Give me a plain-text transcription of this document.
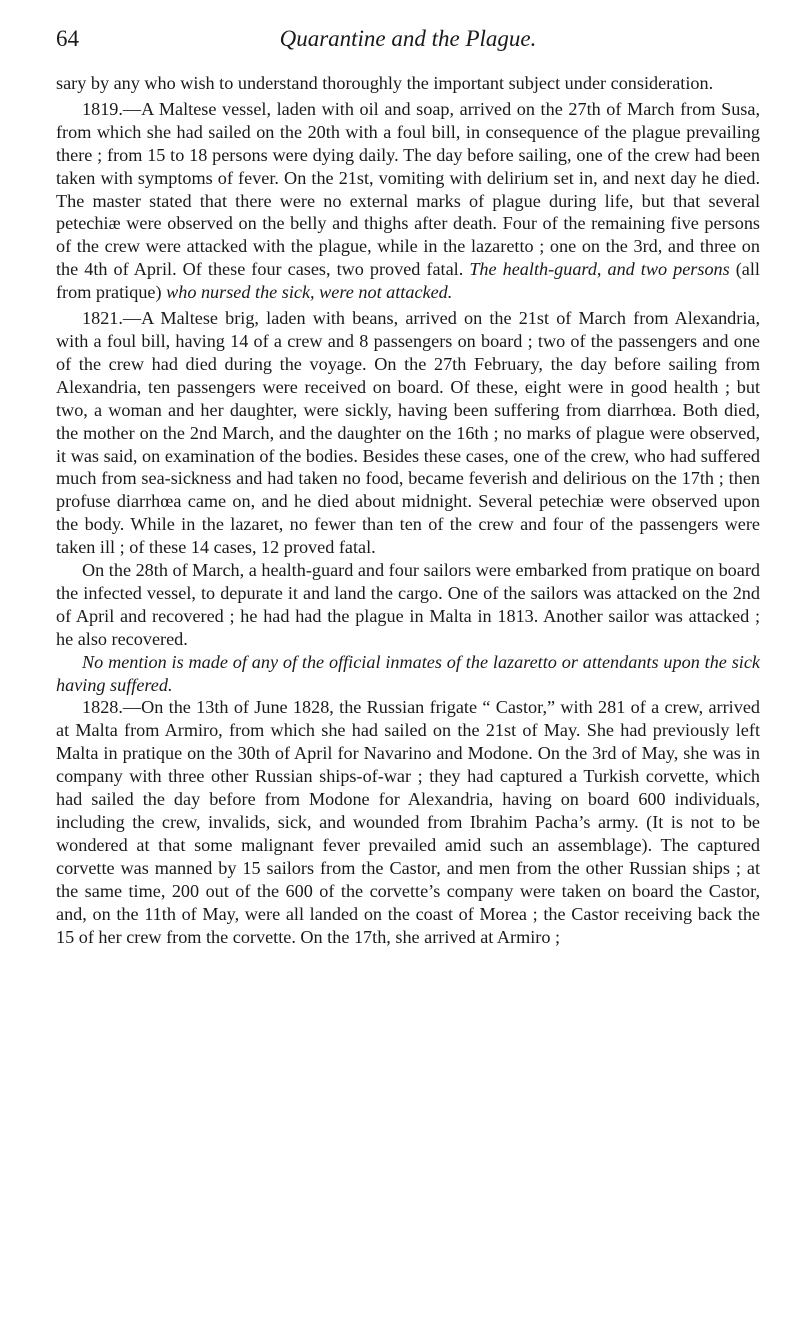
64	Quarantine and the Plague.

sary by any who wish to understand thoroughly the important subject under consideration.

1819.—A Maltese vessel, laden with oil and soap, arrived on the 27th of March from Susa, from which she had sailed on the 20th with a foul bill, in consequence of the plague prevailing there ; from 15 to 18 persons were dying daily. The day before sailing, one of the crew had been taken with symptoms of fever. On the 21st, vomiting with delirium set in, and next day he died. The master stated that there were no external marks of plague during life, but that several petechiæ were observed on the belly and thighs after death. Four of the remaining five persons of the crew were attacked with the plague, while in the lazaretto ; one on the 3rd, and three on the 4th of April. Of these four cases, two proved fatal. The health-guard, and two persons (all from pratique) who nursed the sick, were not attacked.

1821.—A Maltese brig, laden with beans, arrived on the 21st of March from Alexandria, with a foul bill, having 14 of a crew and 8 passengers on board ; two of the passengers and one of the crew had died during the voyage. On the 27th February, the day before sailing from Alexandria, ten passengers were received on board. Of these, eight were in good health ; but two, a woman and her daughter, were sickly, having been suffering from diarrhœa. Both died, the mother on the 2nd March, and the daughter on the 16th ; no marks of plague were observed, it was said, on examination of the bodies. Besides these cases, one of the crew, who had suffered much from sea-sickness and had taken no food, became feverish and delirious on the 17th ; then profuse diarrhœa came on, and he died about midnight. Several petechiæ were observed upon the body. While in the lazaret, no fewer than ten of the crew and four of the passengers were taken ill ; of these 14 cases, 12 proved fatal.

On the 28th of March, a health-guard and four sailors were embarked from pratique on board the infected vessel, to depurate it and land the cargo. One of the sailors was attacked on the 2nd of April and recovered ; he had had the plague in Malta in 1813. Another sailor was attacked ; he also recovered.

No mention is made of any of the official inmates of the lazaretto or attendants upon the sick having suffered.

1828.—On the 13th of June 1828, the Russian frigate “ Castor,” with 281 of a crew, arrived at Malta from Armiro, from which she had sailed on the 21st of May. She had previously left Malta in pratique on the 30th of April for Navarino and Modone. On the 3rd of May, she was in company with three other Russian ships-of-war ; they had captured a Turkish corvette, which had sailed the day before from Modone for Alexandria, having on board 600 individuals, including the crew, invalids, sick, and wounded from Ibrahim Pacha’s army. (It is not to be wondered at that some malignant fever prevailed amid such an assemblage). The captured corvette was manned by 15 sailors from the Castor, and men from the other Russian ships ; at the same time, 200 out of the 600 of the corvette’s company were taken on board the Castor, and, on the 11th of May, were all landed on the coast of Morea ; the Castor receiving back the 15 of her crew from the corvette. On the 17th, she arrived at Armiro ;
